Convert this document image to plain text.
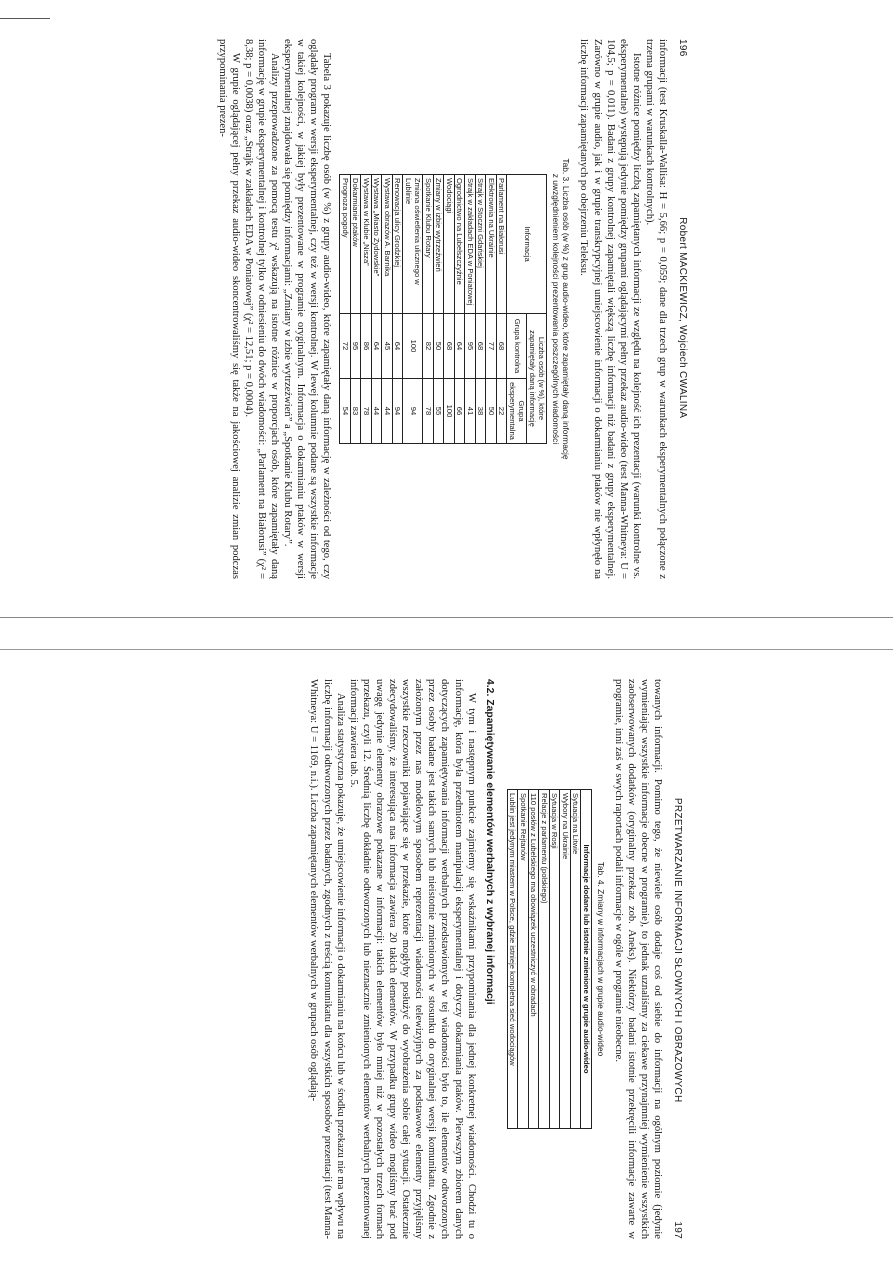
196
Robert MACKIEWICZ, Wojciech CWALINA

informacji (test Kruskalla-Wallisa: H = 5,66; p = 0,059; dane dla trzech grup w warunkach eksperymentalnych połączone z trzema grupami w warunkach kontrolnych).

Istotne różnice pomiędzy liczbą zapamiętanych informacji ze względu na kolejność ich prezentacji (warunki kontrolne vs. eksperymentalne) występują jedynie pomiędzy grupami oglądającymi pełny przekaz audio-wideo (test Manna-Whitneya: U = 104,5; p = 0,011). Badani z grupy kontrolnej zapamiętali większą liczbę informacji niż badani z grupy eksperymentalnej. Zarówno w grupie audio, jak i w grupie transkrypcyjnej umiejscowienie informacji o dokarmianiu ptaków nie wpłynęło na liczbę informacji zapamiętanych po obejrzeniu Teleksu.

Tab. 3. Liczba osób (w %) z grup audio-wideo, które zapamiętały daną informację
z uwzględnieniem kolejności prezentowania poszczególnych wiadomości
Informacja	Liczba osób (w %), które zapamiętały daną informację	
	Grupa kontrolna	Grupa eksperymentalna
Parlament na Białorusi	68	22
Elektrownia na Ukrainie	77	50
Strajk w Stoczni Gdańskiej	68	38
Strajk w zakładach EDA w Poniatowej	95	41
Ogrodnictwo na Lubelszczyźnie	64	66
Wodociągi	68	100
Zmiany w izbie wytrzeźwień	50	55
Spotkanie Klubu Rotary	82	78
Zmiana oświetlenia ulicznego w Lublinie	100	94
Renowacja ulicy Grodzkiej	64	94
Wystawa obrazów A. Barnika	45	44
Wystawa „Miasto Żydowskie”	64	44
Wystawa w Klubie „Nisza”	86	78
Dokarmianie ptaków	95	83
Prognoza pogody	72	54

Tabela 3 pokazuje liczbę osób (w %) z grupy audio-wideo, które zapamiętały daną informację w zależności od tego, czy oglądały program w wersji eksperymentalnej, czy też w wersji kontrolnej. W lewej kolumnie podane są wszystkie informacje w takiej kolejności, w jakiej były prezentowane w programie oryginalnym. Informacja o dokarmianiu ptaków w wersji eksperymentalnej znajdowała się pomiędzy informacjami: „Zmiany w izbie wytrzeźwień” a „Spotkanie Klubu Rotary”.

Analizy przeprowadzone za pomocą testu χ² wskazują na istotne różnice w proporcjach osób, które zapamiętały daną informację w grupie eksperymentalnej i kontrolnej tylko w odniesieniu do dwóch wiadomości: „Parlament na Białorusi” (χ² = 8,38; p = 0,0038) oraz „Strajk w zakładach EDA w Poniatowej” (χ² = 12,51; p = 0,0004).

W grupie oglądającej pełny przekaz audio-wideo skoncentrowaliśmy się także na jakościowej analizie zmian podczas przypominania prezen-

PRZETWARZANIE INFORMACJI SŁOWNYCH I OBRAZOWYCH
197

towanych informacji. Pomimo tego, że niewiele osób dodaje coś od siebie do informacji na ogólnym poziomie (jedynie wymieniając wszystkie informacje obecne w programie), to jednak uznaliśmy za ciekawe przynajmniej wymienienie wszystkich zaobserwowanych dodatków (oryginalny przekaz zob. Aneks). Niektórzy badani istotnie przekręcili informacje zawarte w programie, inni zaś w swych raportach podali informacje w ogóle w programie nieobecne.

Tab. 4. Zmiany w informacjach w grupie audio-wideo
Informacje dodane lub istotnie zmienione w grupie audio-wideo
Sytuacja na Litwie
Wybory na Ukrainie
Sytuacja w Rosji
Relacje z parlamentu (polskiego)
110 posłów z Lubelskiego ma obowiązek uczestniczyć w obradach
Spotkanie Rejtanów
Lublin jest jedynym miastem w Polsce, gdzie istnieje kompletna sieć wodociągów
4.2. Zapamiętywanie elementów werbalnych z wybranej informacji

W tym i następnym punkcie zajmiemy się wskaźnikami przypominania dla jednej konkretnej wiadomości. Chodzi tu o informację, która była przedmiotem manipulacji eksperymentalnej i dotyczy dokarmiania ptaków. Pierwszym zbiorem danych dotyczących zapamiętywania informacji werbalnych przedstawionych w tej wiadomości było to, ile elementów odtworzonych przez osoby badane jest takich samych lub nieistotnie zmienionych w stosunku do oryginalnej wersji komunikatu. Zgodnie z założonym przez nas modelowym sposobem reprezentacji wiadomości telewizyjnych za podstawowe elementy przyjęliśmy wszystkie rzeczowniki pojawiające się w przekazie, które mogłyby posłużyć do wyobrażenia sobie całej sytuacji. Ostatecznie zdecydowaliśmy, że interesująca nas informacja zawiera 20 takich elementów. W przypadku grupy wideo mogliśmy brać pod uwagę jedynie elementy obrazowe pokazane w informacji: takich elementów było mniej niż w pozostałych trzech formach przekazu, czyli 12. Średnią liczbę dokładnie odtworzonych lub nieznacznie zmienionych elementów werbalnych prezentowanej informacji zawiera tab. 5.

Analiza statystyczna pokazuje, że umiejscowienie informacji o dokarmianiu na końcu lub w środku przekazu nie ma wpływu na liczbę informacji odtworzonych przez badanych, zgodnych z treścią komunikatu dla wszystkich sposobów prezentacji (test Manna-Whitneya: U = 1169, n.i.). Liczba zapamiętanych elementów werbalnych w grupach osób oglądają-
